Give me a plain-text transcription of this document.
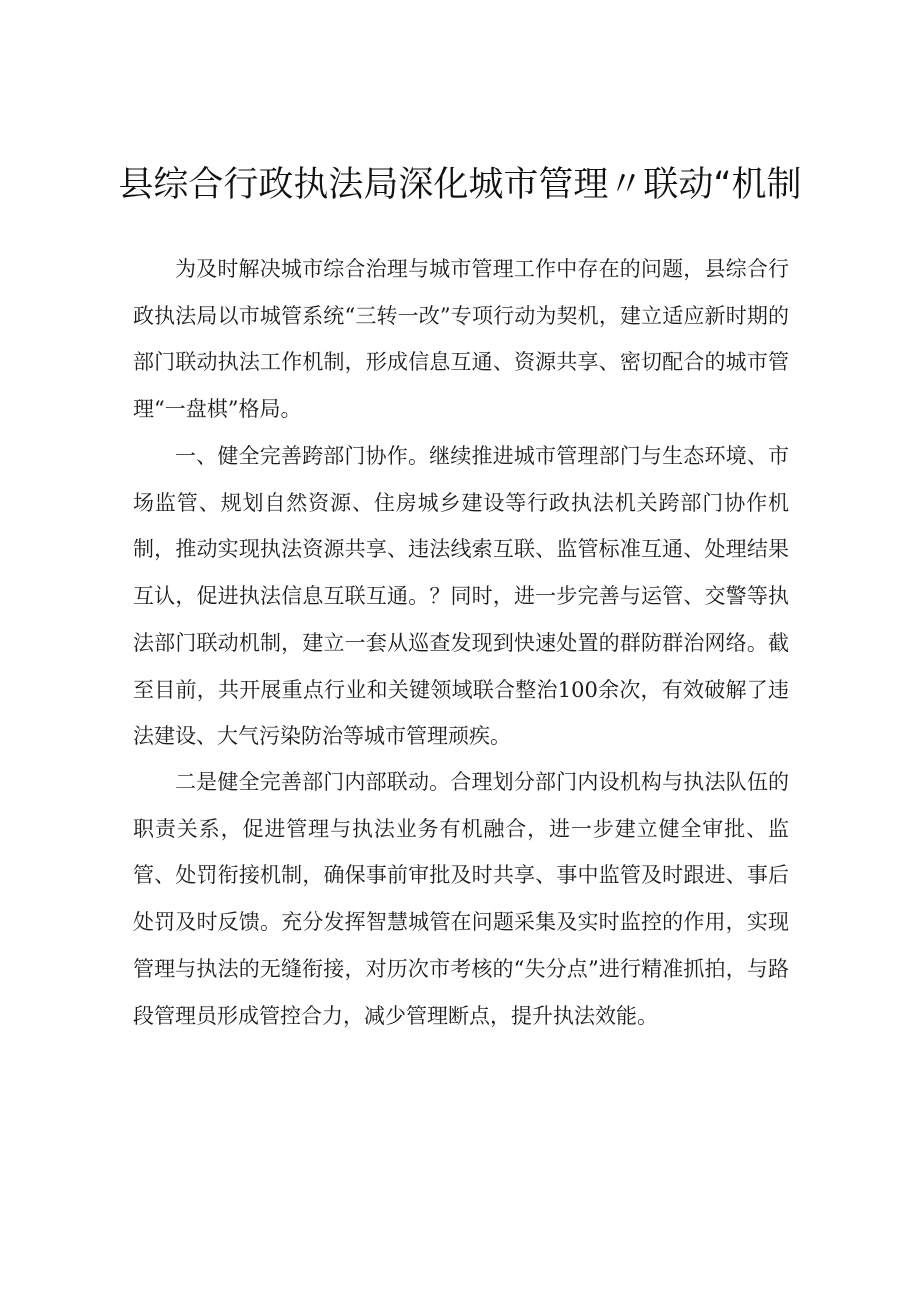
县综合行政执法局深化城市管理〃联动“机制

为及时解决城市综合治理与城市管理工作中存在的问题，县综合行政执法局以市城管系统“三转一改”专项行动为契机，建立适应新时期的部门联动执法工作机制，形成信息互通、资源共享、密切配合的城市管理“一盘棋”格局。

一、健全完善跨部门协作。继续推进城市管理部门与生态环境、市场监管、规划自然资源、住房城乡建设等行政执法机关跨部门协作机制，推动实现执法资源共享、违法线索互联、监管标准互通、处理结果互认，促进执法信息互联互通。？同时，进一步完善与运管、交警等执法部门联动机制，建立一套从巡查发现到快速处置的群防群治网络。截至目前，共开展重点行业和关键领域联合整治100余次，有效破解了违法建设、大气污染防治等城市管理顽疾。

二是健全完善部门内部联动。合理划分部门内设机构与执法队伍的职责关系，促进管理与执法业务有机融合，进一步建立健全审批、监管、处罚衔接机制，确保事前审批及时共享、事中监管及时跟进、事后处罚及时反馈。充分发挥智慧城管在问题采集及实时监控的作用，实现管理与执法的无缝衔接，对历次市考核的“失分点”进行精准抓拍，与路段管理员形成管控合力，减少管理断点，提升执法效能。
